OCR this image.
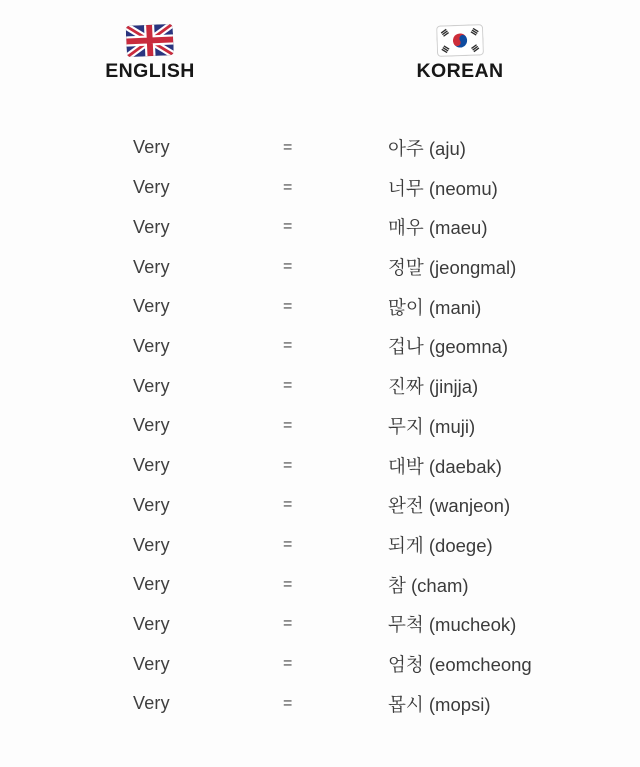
ENGLISH	KOREAN
Very	=	아주 (aju)
Very	=	너무 (neomu)
Very	=	매우 (maeu)
Very	=	정말 (jeongmal)
Very	=	많이 (mani)
Very	=	겁나 (geomna)
Very	=	진짜 (jinjja)
Very	=	무지 (muji)
Very	=	대박 (daebak)
Very	=	완전 (wanjeon)
Very	=	되게 (doege)
Very	=	참 (cham)
Very	=	무척 (mucheok)
Very	=	엄청 (eomcheong
Very	=	몹시 (mopsi)
